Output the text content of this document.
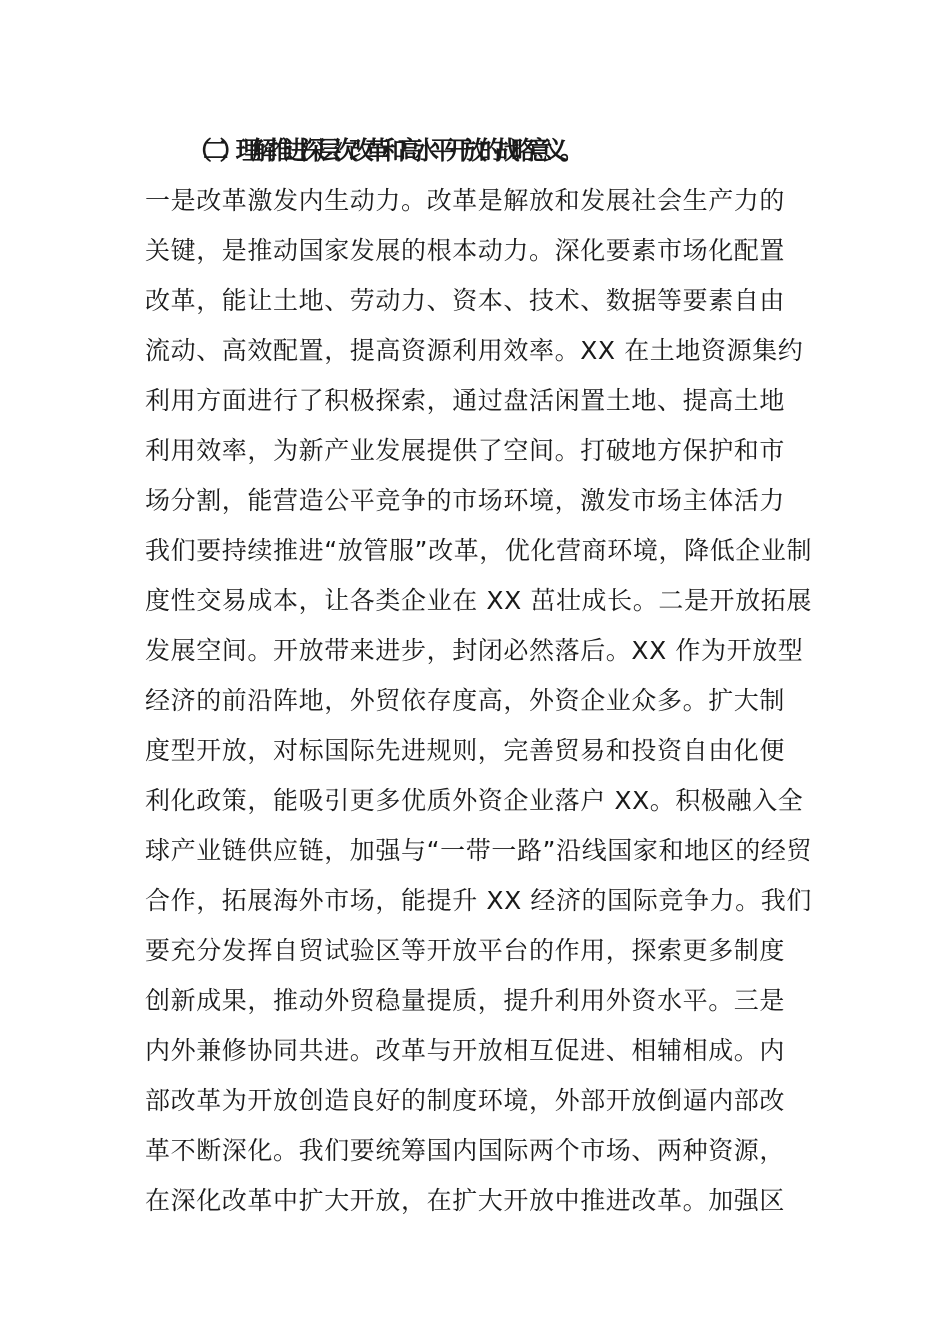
（二）理解推进深层次改革和高水平开放的战略意义。
一是改革激发内生动力。改革是解放和发展社会生产力的
关键，是推动国家发展的根本动力。深化要素市场化配置
改革，能让土地、劳动力、资本、技术、数据等要素自由
流动、高效配置，提高资源利用效率。XX 在土地资源集约
利用方面进行了积极探索，通过盘活闲置土地、提高土地
利用效率，为新产业发展提供了空间。打破地方保护和市
场分割，能营造公平竞争的市场环境，激发市场主体活力
我们要持续推进“放管服”改革，优化营商环境，降低企业制
度性交易成本，让各类企业在 XX 茁壮成长。二是开放拓展
发展空间。开放带来进步，封闭必然落后。XX 作为开放型
经济的前沿阵地，外贸依存度高，外资企业众多。扩大制
度型开放，对标国际先进规则，完善贸易和投资自由化便
利化政策，能吸引更多优质外资企业落户 XX。积极融入全
球产业链供应链，加强与“一带一路”沿线国家和地区的经贸
合作，拓展海外市场，能提升 XX 经济的国际竞争力。我们
要充分发挥自贸试验区等开放平台的作用，探索更多制度
创新成果，推动外贸稳量提质，提升利用外资水平。三是
内外兼修协同共进。改革与开放相互促进、相辅相成。内
部改革为开放创造良好的制度环境，外部开放倒逼内部改
革不断深化。我们要统筹国内国际两个市场、两种资源，
在深化改革中扩大开放，在扩大开放中推进改革。加强区
